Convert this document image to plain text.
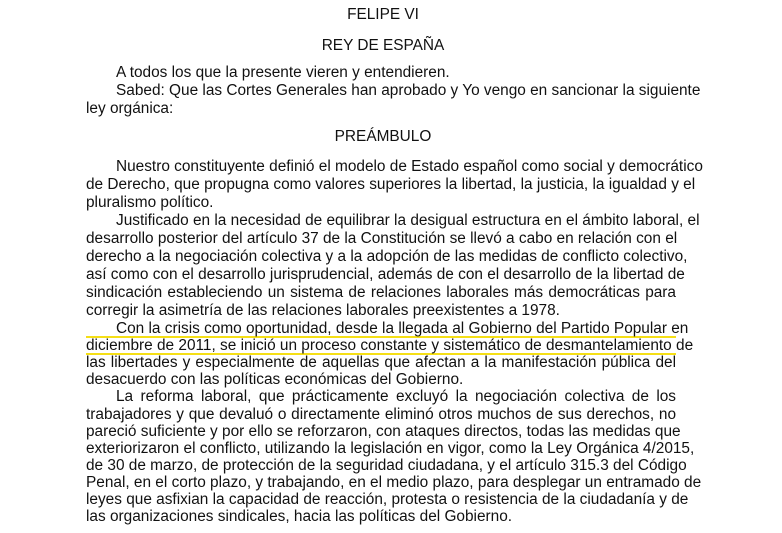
FELIPE VI
REY DE ESPAÑA
A todos los que la presente vieren y entendieren.
Sabed: Que las Cortes Generales han aprobado y Yo vengo en sancionar la siguiente
ley orgánica:
PREÁMBULO
Nuestro constituyente definió el modelo de Estado español como social y democrático
de Derecho, que propugna como valores superiores la libertad, la justicia, la igualdad y el
pluralismo político.
Justificado en la necesidad de equilibrar la desigual estructura en el ámbito laboral, el
desarrollo posterior del artículo 37 de la Constitución se llevó a cabo en relación con el
derecho a la negociación colectiva y a la adopción de las medidas de conflicto colectivo,
así como con el desarrollo jurisprudencial, además de con el desarrollo de la libertad de
sindicación estableciendo un sistema de relaciones laborales más democráticas para
corregir la asimetría de las relaciones laborales preexistentes a 1978.
Con la crisis como oportunidad, desde la llegada al Gobierno del Partido Popular en
diciembre de 2011, se inició un proceso constante y sistemático de desmantelamiento de
las libertades y especialmente de aquellas que afectan a la manifestación pública del
desacuerdo con las políticas económicas del Gobierno.
La reforma laboral, que prácticamente excluyó la negociación colectiva de los
trabajadores y que devaluó o directamente eliminó otros muchos de sus derechos, no
pareció suficiente y por ello se reforzaron, con ataques directos, todas las medidas que
exteriorizaron el conflicto, utilizando la legislación en vigor, como la Ley Orgánica 4/2015,
de 30 de marzo, de protección de la seguridad ciudadana, y el artículo 315.3 del Código
Penal, en el corto plazo, y trabajando, en el medio plazo, para desplegar un entramado de
leyes que asfixian la capacidad de reacción, protesta o resistencia de la ciudadanía y de
las organizaciones sindicales, hacia las políticas del Gobierno.
